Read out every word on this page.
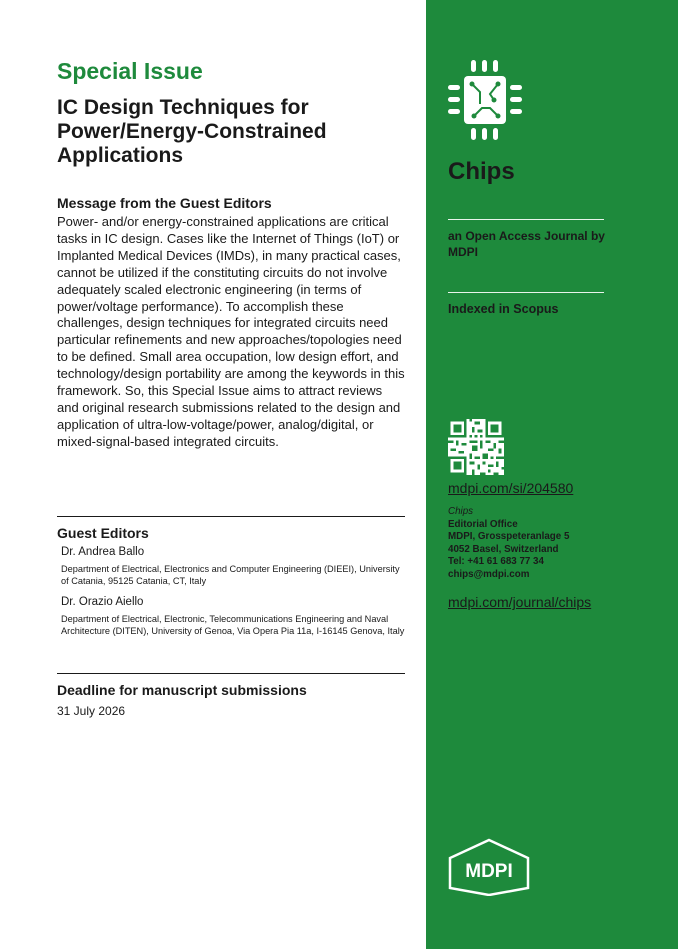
Special Issue
IC Design Techniques for Power/Energy-Constrained Applications
Message from the Guest Editors
Power- and/or energy-constrained applications are critical tasks in IC design. Cases like the Internet of Things (IoT) or Implanted Medical Devices (IMDs), in many practical cases, cannot be utilized if the constituting circuits do not involve adequately scaled electronic engineering (in terms of power/voltage performance). To accomplish these challenges, design techniques for integrated circuits need particular refinements and new approaches/topologies need to be defined. Small area occupation, low design effort, and technology/design portability are among the keywords in this framework. So, this Special Issue aims to attract reviews and original research submissions related to the design and application of ultra-low-voltage/power, analog/digital, or mixed-signal-based integrated circuits.
Guest Editors
Dr. Andrea Ballo
Department of Electrical, Electronics and Computer Engineering (DIEEI), University of Catania, 95125 Catania, CT, Italy
Dr. Orazio Aiello
Department of Electrical, Electronic, Telecommunications Engineering and Naval Architecture (DITEN), University of Genoa, Via Opera Pia 11a, I-16145 Genova, Italy
Deadline for manuscript submissions
31 July 2026
Chips
an Open Access Journal by MDPI
Indexed in Scopus
mdpi.com/si/204580
Chips
Editorial Office
MDPI, Grosspeteranlage 5
4052 Basel, Switzerland
Tel: +41 61 683 77 34
chips@mdpi.com
mdpi.com/journal/chips
MDPI
